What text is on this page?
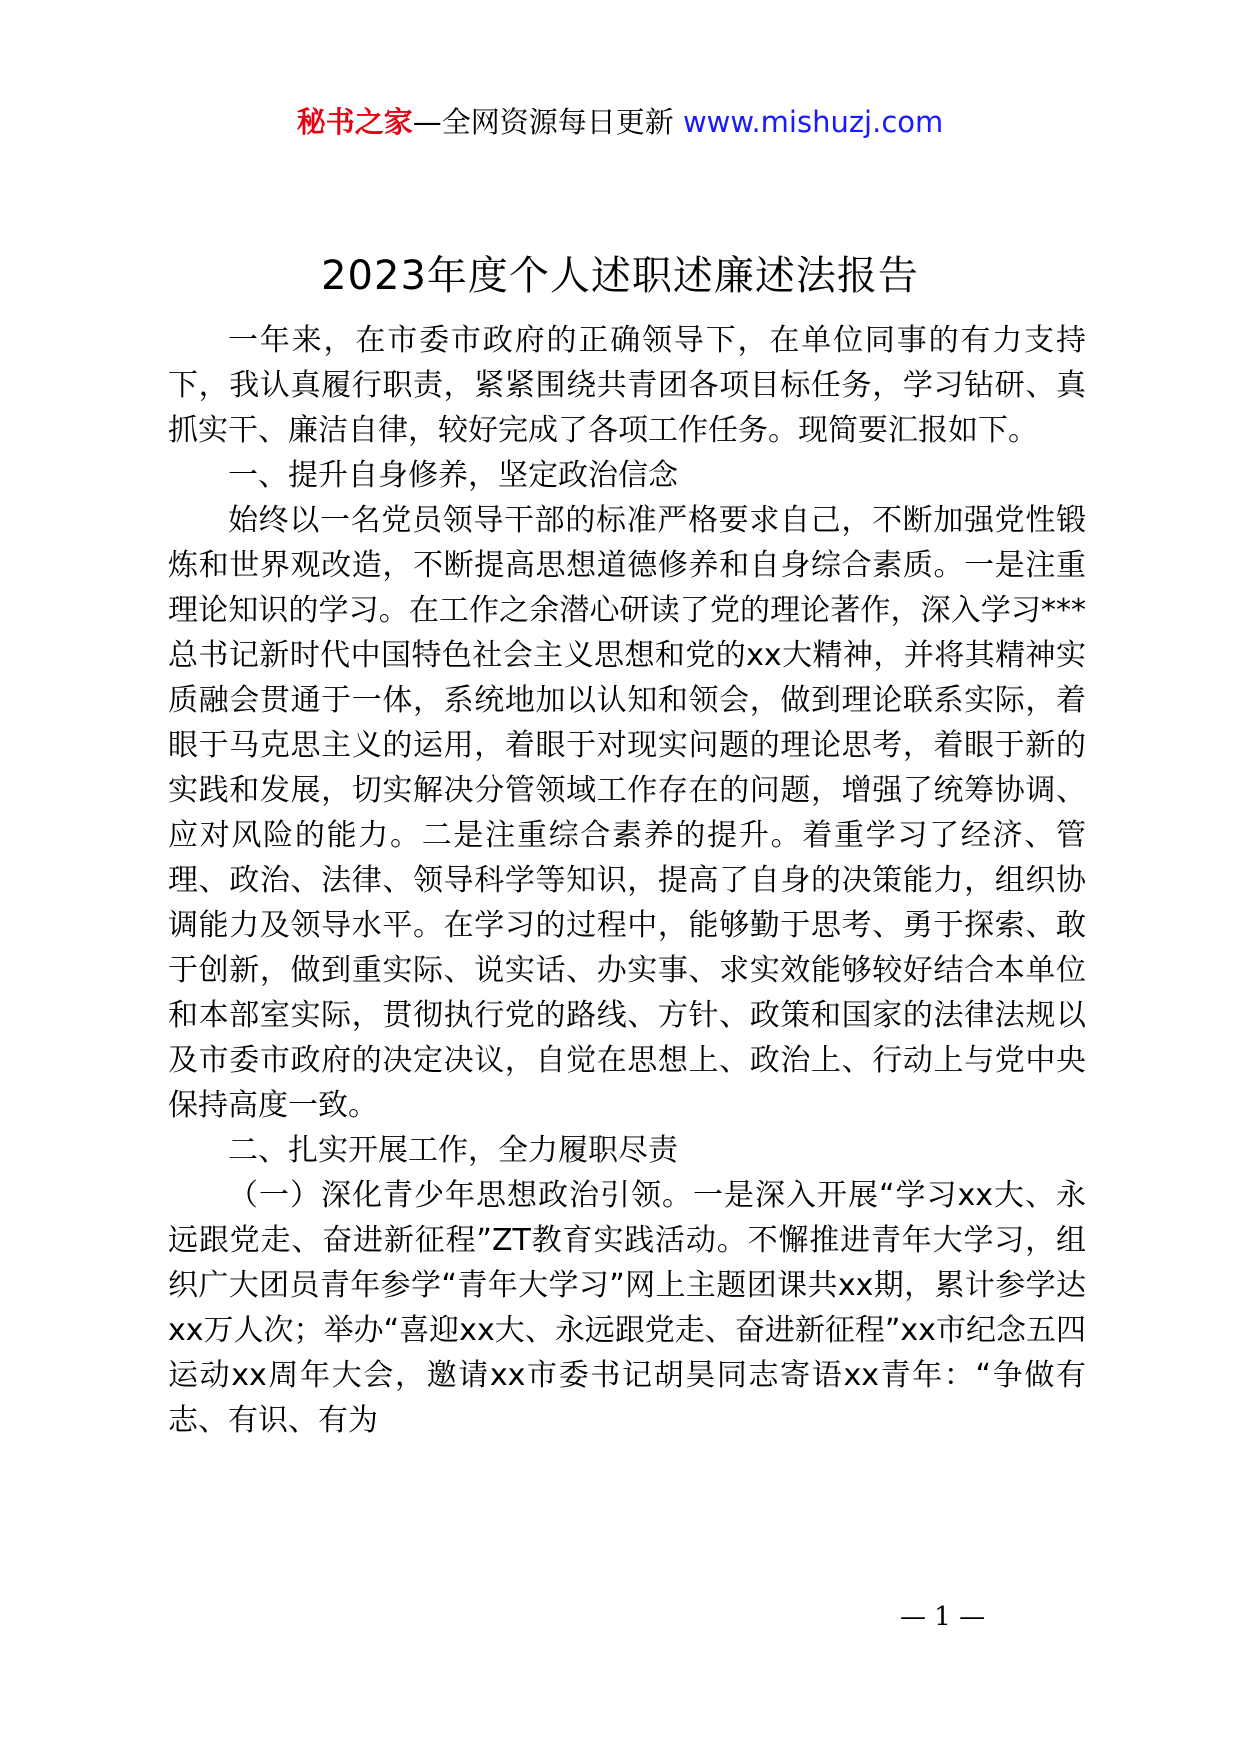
秘书之家—全网资源每日更新 www.mishuzj.com
2023年度个人述职述廉述法报告

一年来，在市委市政府的正确领导下，在单位同事的有力支持下，我认真履行职责，紧紧围绕共青团各项目标任务，学习钻研、真抓实干、廉洁自律，较好完成了各项工作任务。现简要汇报如下。

一、提升自身修养，坚定政治信念

始终以一名党员领导干部的标准严格要求自己，不断加强党性锻炼和世界观改造，不断提高思想道德修养和自身综合素质。一是注重理论知识的学习。在工作之余潜心研读了党的理论著作，深入学习***总书记新时代中国特色社会主义思想和党的xx大精神，并将其精神实质融会贯通于一体，系统地加以认知和领会，做到理论联系实际，着眼于马克思主义的运用，着眼于对现实问题的理论思考，着眼于新的实践和发展，切实解决分管领域工作存在的问题，增强了统筹协调、应对风险的能力。二是注重综合素养的提升。着重学习了经济、管理、政治、法律、领导科学等知识，提高了自身的决策能力，组织协调能力及领导水平。在学习的过程中，能够勤于思考、勇于探索、敢于创新，做到重实际、说实话、办实事、求实效能够较好结合本单位和本部室实际，贯彻执行党的路线、方针、政策和国家的法律法规以及市委市政府的决定决议，自觉在思想上、政治上、行动上与党中央保持高度一致。

二、扎实开展工作，全力履职尽责

（一）深化青少年思想政治引领。一是深入开展“学习xx大、永远跟党走、奋进新征程”ZT教育实践活动。不懈推进青年大学习，组织广大团员青年参学“青年大学习”网上主题团课共xx期，累计参学达xx万人次；举办“喜迎xx大、永远跟党走、奋进新征程”xx市纪念五四运动xx周年大会，邀请xx市委书记胡昊同志寄语xx青年：“争做有志、有识、有为

— 1 —
